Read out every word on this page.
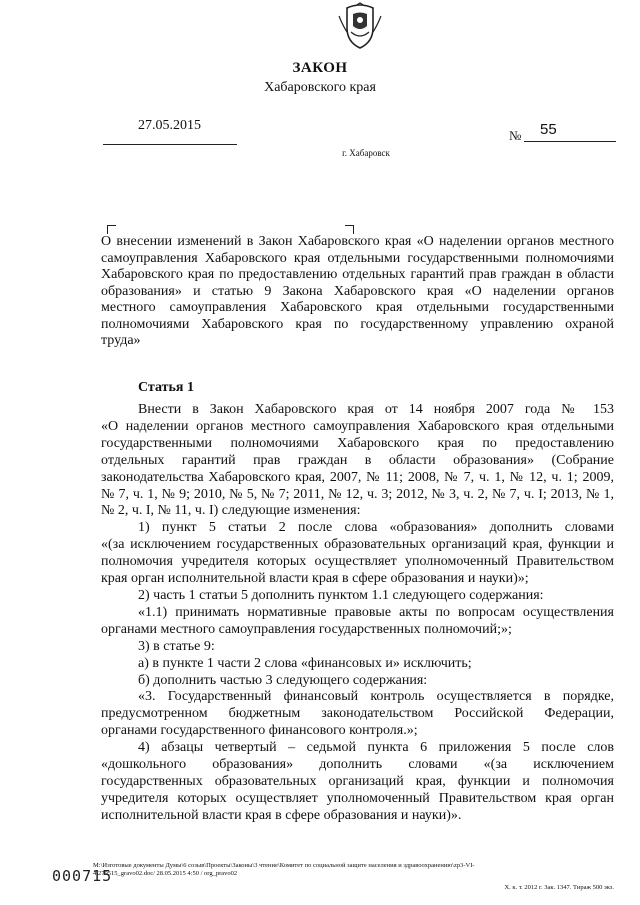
ЗАКОН
Хабаровского края
27.05.2015
№ 55
г. Хабаровск
О внесении изменений в Закон Хабаровского края «О наделении органов местного
самоуправления Хабаровского края отдельными государственными полномочиями
Хабаровского края по предоставлению отдельных гарантий прав граждан в области
образования» и статью 9 Закона Хабаровского края «О наделении органов
местного самоуправления Хабаровского края отдельными государственными
полномочиями Хабаровского края по государственному управлению охраной
труда»
Статья 1
Внести в Закон Хабаровского края от 14 ноября 2007 года № 153
«О наделении органов местного самоуправления Хабаровского края отдельными
государственными полномочиями Хабаровского края по предоставлению
отдельных гарантий прав граждан в области образования» (Собрание
законодательства Хабаровского края, 2007, № 11; 2008, № 7, ч. 1, № 12, ч. 1; 2009,
№ 7, ч. 1, № 9; 2010, № 5, № 7; 2011, № 12, ч. 3; 2012, № 3, ч. 2, № 7, ч. I; 2013, № 1,
№ 2, ч. I, № 11, ч. I) следующие изменения:
1) пункт 5 статьи 2 после слова «образования» дополнить словами
«(за исключением государственных образовательных организаций края, функции и
полномочия учредителя которых осуществляет уполномоченный Правительством
края орган исполнительной власти края в сфере образования и науки)»;
2) часть 1 статьи 5 дополнить пунктом 1.1 следующего содержания:
«1.1) принимать нормативные правовые акты по вопросам осуществления
органами местного самоуправления государственных полномочий;»;
3) в статье 9:
а) в пункте 1 части 2 слова «финансовых и» исключить;
б) дополнить частью 3 следующего содержания:
«3. Государственный финансовый контроль осуществляется в порядке,
предусмотренном бюджетным законодательством Российской Федерации,
органами государственного финансового контроля.»;
4) абзацы четвертый – седьмой пункта 6 приложения 5 после слов
«дошкольного образования» дополнить словами «(за исключением
государственных образовательных организаций края, функции и полномочия
учредителя которых осуществляет уполномоченный Правительством края орган
исполнительной власти края в сфере образования и науки)».
000715
M:\Изготовые документы Думы\6 созыв\Проекты\Законы\3 чтение\Комитет по социальной защите населения и здравоохранению\zp3-VI-
4\270515_gravo02.doc/ 28.05.2015 4:50 / org_pravo02
Х. к. т. 2012 г. Зак. 1347. Тираж 500 экз.
